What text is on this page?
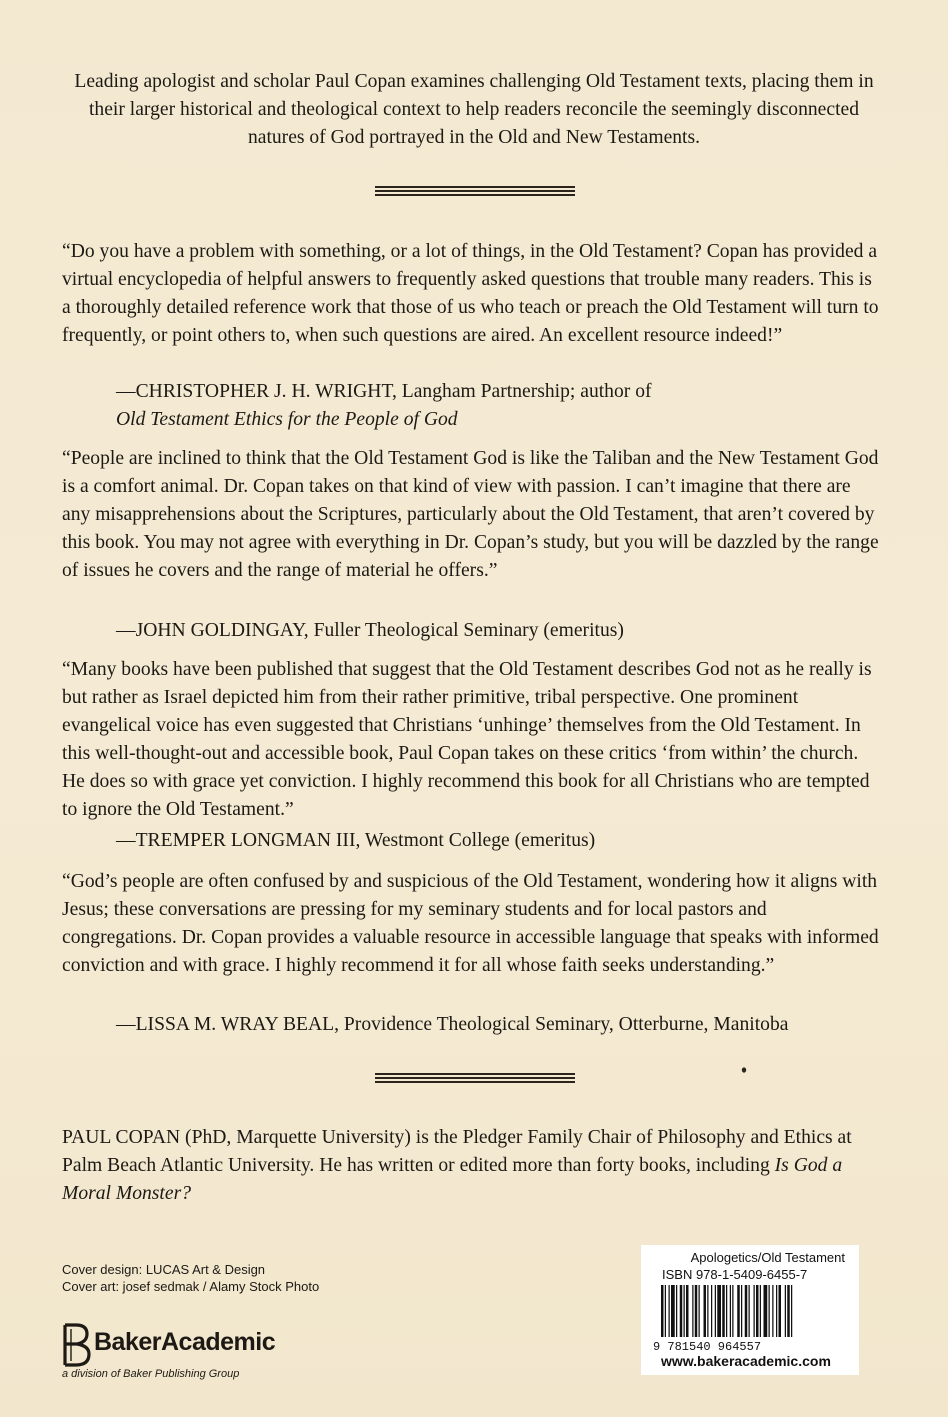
Leading apologist and scholar Paul Copan examines challenging Old Testament texts, placing them in their larger historical and theological context to help readers reconcile the seemingly disconnected natures of God portrayed in the Old and New Testaments.

“Do you have a problem with something, or a lot of things, in the Old Testament? Copan has provided a virtual encyclopedia of helpful answers to frequently asked questions that trouble many readers. This is a thoroughly detailed reference work that those of us who teach or preach the Old Testament will turn to frequently, or point others to, when such questions are aired. An excellent resource indeed!”

—CHRISTOPHER J. H. WRIGHT, Langham Partnership; author of
Old Testament Ethics for the People of God

“People are inclined to think that the Old Testament God is like the Taliban and the New Testament God is a comfort animal. Dr. Copan takes on that kind of view with passion. I can’t imagine that there are any misapprehensions about the Scriptures, particularly about the Old Testament, that aren’t covered by this book. You may not agree with everything in Dr. Copan’s study, but you will be dazzled by the range of issues he covers and the range of material he offers.”

—JOHN GOLDINGAY, Fuller Theological Seminary (emeritus)

“Many books have been published that suggest that the Old Testament describes God not as he really is but rather as Israel depicted him from their rather primitive, tribal perspective. One prominent evangelical voice has even suggested that Christians ‘unhinge’ themselves from the Old Testament. In this well-thought-out and accessible book, Paul Copan takes on these critics ‘from within’ the church. He does so with grace yet conviction. I highly recommend this book for all Christians who are tempted to ignore the Old Testament.”

—TREMPER LONGMAN III, Westmont College (emeritus)

“God’s people are often confused by and suspicious of the Old Testament, wondering how it aligns with Jesus; these conversations are pressing for my seminary students and for local pastors and congregations. Dr. Copan provides a valuable resource in accessible language that speaks with informed conviction and with grace. I highly recommend it for all whose faith seeks understanding.”

—LISSA M. WRAY BEAL, Providence Theological Seminary, Otterburne, Manitoba

PAUL COPAN (PhD, Marquette University) is the Pledger Family Chair of Philosophy and Ethics at Palm Beach Atlantic University. He has written or edited more than forty books, including Is God a Moral Monster?

Cover design: LUCAS Art & Design
Cover art: josef sedmak / Alamy Stock Photo
BakerAcademic
a division of Baker Publishing Group
Apologetics/Old Testament
ISBN 978-1-5409-6455-7
9 781540 964557
www.bakeracademic.com
